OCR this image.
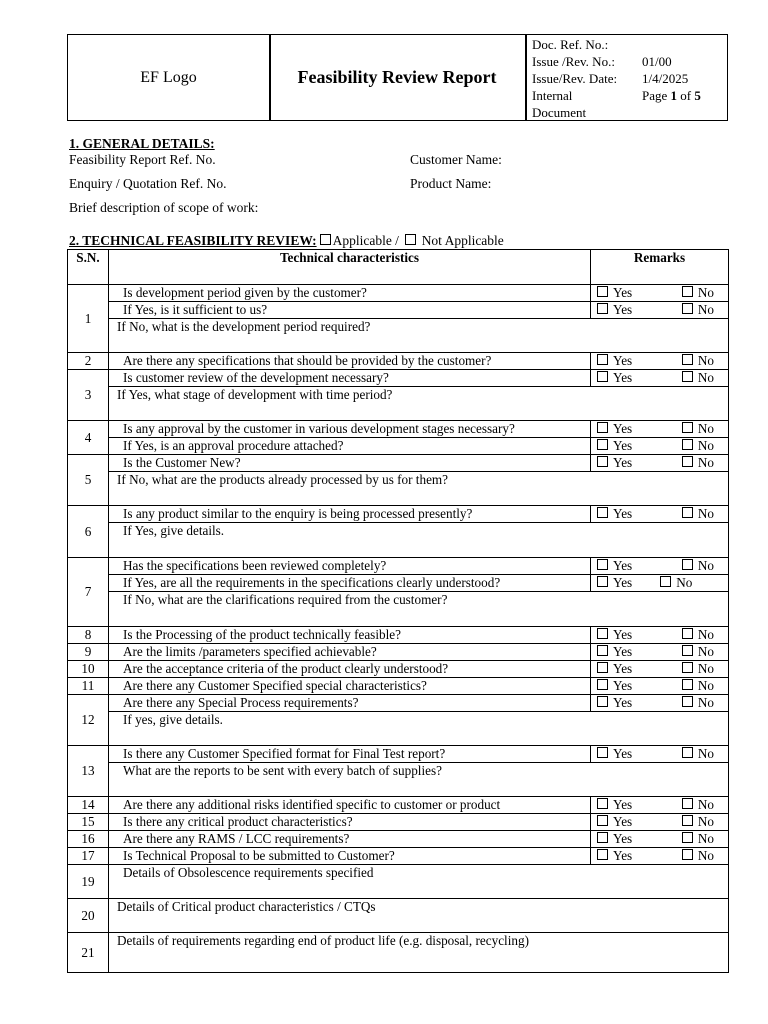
EF Logo	Feasibility Review Report
Doc. Ref. No.:
Issue /Rev. No.:	01/00
Issue/Rev. Date:	1/4/2025
Internal	Page 1 of 5
Document
1. GENERAL DETAILS:
Feasibility Report Ref. No.	Customer Name:
Enquiry / Quotation Ref. No.	Product Name:
Brief description of scope of work:
2. TECHNICAL FEASIBILITY REVIEW: Applicable /  Not Applicable
S.N.	Technical characteristics	Remarks
1	Is development period given by the customer?	Yes No

	If Yes, is it sufficient to us?	Yes No

	If No, what is the development period required?	
2	Are there any specifications that should be provided by the customer?	Yes No

3	Is customer review of the development necessary?	Yes No

	If Yes, what stage of development with time period?	
4	Is any approval by the customer in various development stages necessary?	Yes No

	If Yes, is an approval procedure attached?	Yes No

5	Is the Customer New?	Yes No

	If No, what are the products already processed by us for them?	
6	Is any product similar to the enquiry is being processed presently?	Yes No

	If Yes, give details.	
7	Has the specifications been reviewed completely?	Yes No

	If Yes, are all the requirements in the specifications clearly understood?	Yes No

	If No, what are the clarifications required from the customer?	
8	Is the Processing of the product technically feasible?	Yes No

9	Are the limits /parameters specified achievable?	Yes No

10	Are the acceptance criteria of the product clearly understood?	Yes No

11	Are there any Customer Specified special characteristics?	Yes No

12	Are there any Special Process requirements?	Yes No

	If yes, give details.	
13	Is there any Customer Specified format for Final Test report?	Yes No

	What are the reports to be sent with every batch of supplies?	
14	Are there any additional risks identified specific to customer or product	Yes No

15	Is there any critical product characteristics?	Yes No

16	Are there any RAMS / LCC requirements?	Yes No

17	Is Technical Proposal to be submitted to Customer?	Yes No

19	Details of Obsolescence requirements specified	
20	Details of Critical product characteristics / CTQs	
21	Details of requirements regarding end of product life (e.g. disposal, recycling)	
